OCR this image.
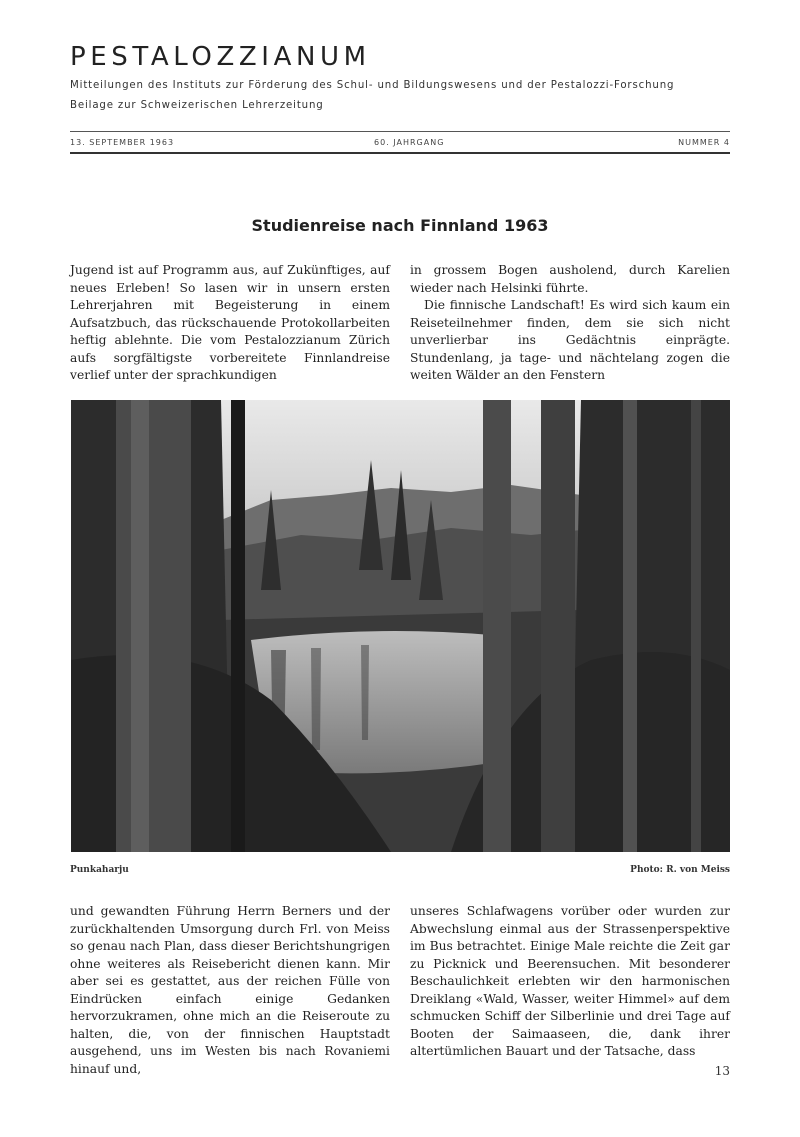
PESTALOZZIANUM
Mitteilungen des Instituts zur Förderung des Schul- und Bildungswesens und der Pestalozzi-Forschung
Beilage zur Schweizerischen Lehrerzeitung
13. SEPTEMBER 1963	60. JAHRGANG	NUMMER 4
Studienreise nach Finnland 1963

Jugend ist auf Programm aus, auf Zukünftiges, auf neues Erleben! So lasen wir in unsern ersten Lehrerjahren mit Begeisterung in einem Aufsatzbuch, das rückschauende Protokollarbeiten heftig ablehnte. Die vom Pestalozzianum Zürich aufs sorgfältigste vorbereitete Finnlandreise verlief unter der sprachkundigen

in grossem Bogen ausholend, durch Karelien wieder nach Helsinki führte.

Die finnische Landschaft! Es wird sich kaum ein Reiseteilnehmer finden, dem sie sich nicht unverlierbar ins Gedächtnis einprägte. Stundenlang, ja tage- und nächtelang zogen die weiten Wälder an den Fenstern

Punkaharju	Photo: R. von Meiss

und gewandten Führung Herrn Berners und der zurückhaltenden Umsorgung durch Frl. von Meiss so genau nach Plan, dass dieser Berichtshungrigen ohne weiteres als Reisebericht dienen kann. Mir aber sei es gestattet, aus der reichen Fülle von Eindrücken einfach einige Gedanken hervorzukramen, ohne mich an die Reiseroute zu halten, die, von der finnischen Hauptstadt ausgehend, uns im Westen bis nach Rovaniemi hinauf und,

unseres Schlafwagens vorüber oder wurden zur Abwechslung einmal aus der Strassenperspektive im Bus betrachtet. Einige Male reichte die Zeit gar zu Picknick und Beerensuchen. Mit besonderer Beschaulichkeit erlebten wir den harmonischen Dreiklang «Wald, Wasser, weiter Himmel» auf dem schmucken Schiff der Silberlinie und drei Tage auf Booten der Saimaaseen, die, dank ihrer altertümlichen Bauart und der Tatsache, dass

13
